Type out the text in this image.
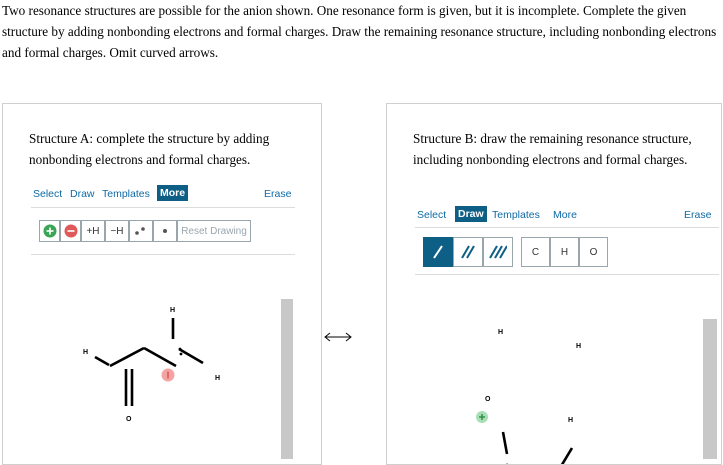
Two resonance structures are possible for the anion shown. One resonance form is given, but it is incomplete. Complete the given structure by adding nonbonding electrons and formal charges. Draw the remaining resonance structure, including nonbonding electrons and formal charges. Omit curved arrows.
Structure A: complete the structure by adding nonbonding electrons and formal charges.
Select Draw Templates More	Erase
+H	−H	Reset Drawing
H
H
H
O
Structure B: draw the remaining resonance structure, including nonbonding electrons and formal charges.
Select Draw Templates More	Erase
C	H	O
H
H
H
O
